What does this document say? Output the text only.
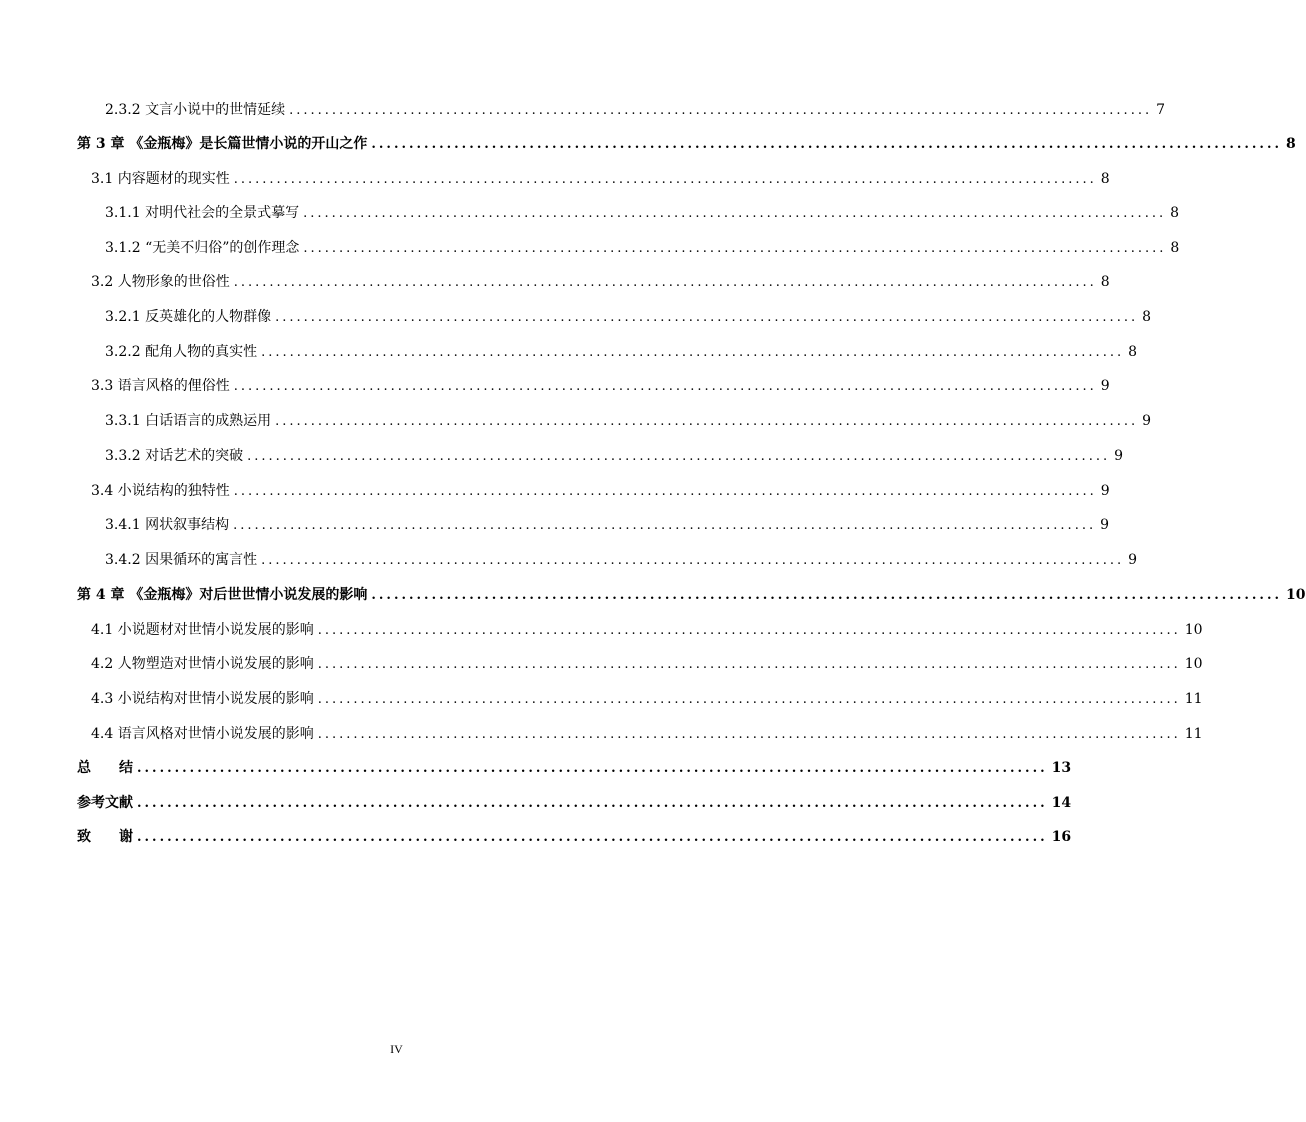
2.3.2 文言小说中的世情延续 ......................................................................................................................... 7
第 3 章 《金瓶梅》是长篇世情小说的开山之作 ......................................................................................................................... 8
3.1 内容题材的现实性 ......................................................................................................................... 8
3.1.1 对明代社会的全景式摹写 ......................................................................................................................... 8
3.1.2 “无美不归俗”的创作理念 ......................................................................................................................... 8
3.2 人物形象的世俗性 ......................................................................................................................... 8
3.2.1 反英雄化的人物群像 ......................................................................................................................... 8
3.2.2 配角人物的真实性 ......................................................................................................................... 8
3.3 语言风格的俚俗性 ......................................................................................................................... 9
3.3.1 白话语言的成熟运用 ......................................................................................................................... 9
3.3.2 对话艺术的突破 ......................................................................................................................... 9
3.4 小说结构的独特性 ......................................................................................................................... 9
3.4.1 网状叙事结构 ......................................................................................................................... 9
3.4.2 因果循环的寓言性 ......................................................................................................................... 9
第 4 章 《金瓶梅》对后世世情小说发展的影响 ......................................................................................................................... 10
4.1 小说题材对世情小说发展的影响 ......................................................................................................................... 10
4.2 人物塑造对世情小说发展的影响 ......................................................................................................................... 10
4.3 小说结构对世情小说发展的影响 ......................................................................................................................... 11
4.4 语言风格对世情小说发展的影响 ......................................................................................................................... 11
总　　结 ......................................................................................................................... 13
参考文献 ......................................................................................................................... 14
致　　谢 ......................................................................................................................... 16
IV
